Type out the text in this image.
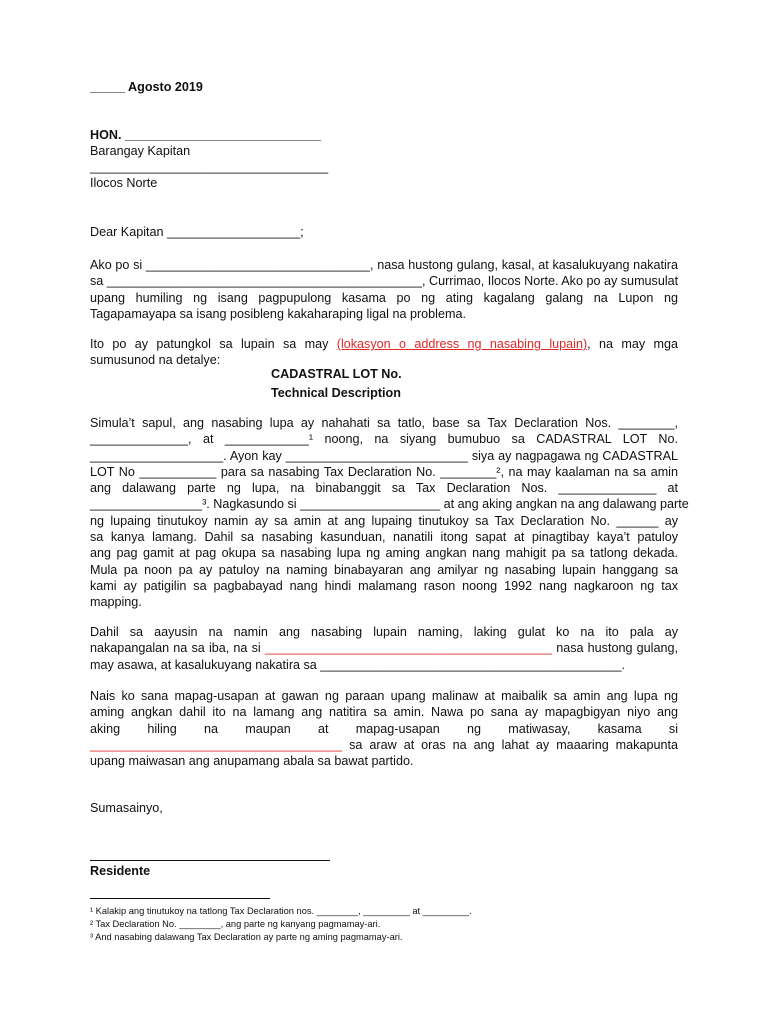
_____ Agosto 2019
HON. ____________________________
Barangay Kapitan
__________________________________
Ilocos Norte
Dear Kapitan ___________________;
Ako po si ________________________________, nasa hustong gulang, kasal, at kasalukuyang nakatira
sa _____________________________________________, Currimao, Ilocos Norte. Ako po ay sumusulat
upang humiling ng isang pagpupulong kasama po ng ating kagalang galang na Lupon ng
Tagapamayapa sa isang posibleng kakaharaping ligal na problema.
Ito po ay patungkol sa lupain sa may (lokasyon o address ng nasabing lupain), na may mga
sumusunod na detalye:
CADASTRAL LOT No.
Technical Description
Simula’t sapul, ang nasabing lupa ay nahahati sa tatlo, base sa Tax Declaration Nos. ________,
______________, at ____________¹ noong, na siyang bumubuo sa CADASTRAL LOT No.
___________________. Ayon kay __________________________ siya ay nagpagawa ng CADASTRAL
LOT No ___________ para sa nasabing Tax Declaration No. ________², na may kaalaman na sa amin
ang dalawang parte ng lupa, na binabanggit sa Tax Declaration Nos. ______________ at
________________³. Nagkasundo si ____________________ at ang aking angkan na ang dalawang parte
ng lupaing tinutukoy namin ay sa amin at ang lupaing tinutukoy sa Tax Declaration No. ______ ay
sa kanya lamang. Dahil sa nasabing kasunduan, nanatili itong sapat at pinagtibay kaya’t patuloy
ang pag gamit at pag okupa sa nasabing lupa ng aming angkan nang mahigit pa sa tatlong dekada.
Mula pa noon pa ay patuloy na naming binabayaran ang amilyar ng nasabing lupain hanggang sa
kami ay patigilin sa pagbabayad nang hindi malamang rason noong 1992 nang nagkaroon ng tax
mapping.
Dahil sa aayusin na namin ang nasabing lupain naming, laking gulat ko na ito pala ay
nakapangalan na sa iba, na si _________________________________________ nasa hustong gulang,
may asawa, at kasalukuyang nakatira sa ___________________________________________.
Nais ko sana mapag-usapan at gawan ng paraan upang malinaw at maibalik sa amin ang lupa ng
aming angkan dahil ito na lamang ang natitira sa amin. Nawa po sana ay mapagbigyan niyo ang
aking hiling na maupan at mapag-usapan ng matiwasay, kasama si
____________________________________ sa araw at oras na ang lahat ay maaaring makapunta
upang maiwasan ang anupamang abala sa bawat partido.
Sumasainyo,
Residente
¹ Kalakip ang tinutukoy na tatlong Tax Declaration nos. ________, _________ at _________.
² Tax Declaration No. ________, ang parte ng kanyang pagmamay-ari.
³ And nasabing dalawang Tax Declaration ay parte ng aming pagmamay-ari.
